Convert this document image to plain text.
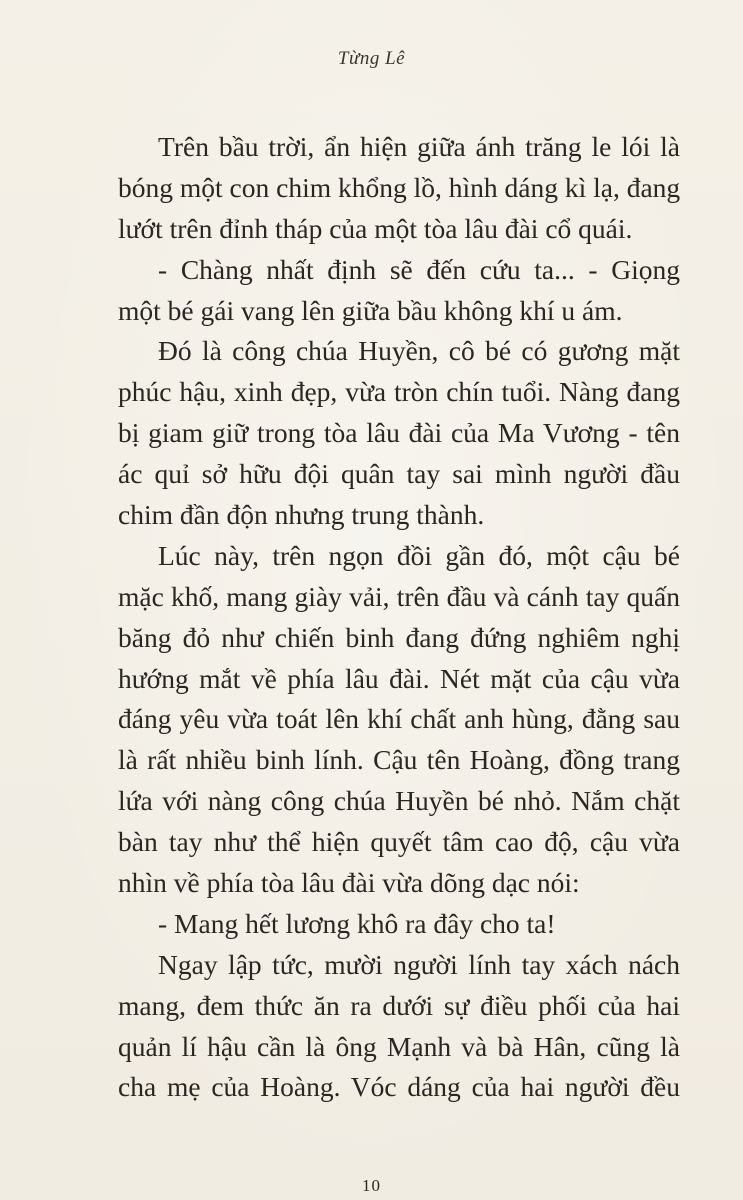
Từng Lê
Trên bầu trời, ẩn hiện giữa ánh trăng le lói là
bóng một con chim khổng lồ, hình dáng kì lạ, đang
lướt trên đỉnh tháp của một tòa lâu đài cổ quái.
- Chàng nhất định sẽ đến cứu ta... - Giọng
một bé gái vang lên giữa bầu không khí u ám.
Đó là công chúa Huyền, cô bé có gương mặt
phúc hậu, xinh đẹp, vừa tròn chín tuổi. Nàng đang
bị giam giữ trong tòa lâu đài của Ma Vương - tên
ác quỉ sở hữu đội quân tay sai mình người đầu
chim đần độn nhưng trung thành.
Lúc này, trên ngọn đồi gần đó, một cậu bé
mặc khố, mang giày vải, trên đầu và cánh tay quấn
băng đỏ như chiến binh đang đứng nghiêm nghị
hướng mắt về phía lâu đài. Nét mặt của cậu vừa
đáng yêu vừa toát lên khí chất anh hùng, đằng sau
là rất nhiều binh lính. Cậu tên Hoàng, đồng trang
lứa với nàng công chúa Huyền bé nhỏ. Nắm chặt
bàn tay như thể hiện quyết tâm cao độ, cậu vừa
nhìn về phía tòa lâu đài vừa dõng dạc nói:
- Mang hết lương khô ra đây cho ta!
Ngay lập tức, mười người lính tay xách nách
mang, đem thức ăn ra dưới sự điều phối của hai
quản lí hậu cần là ông Mạnh và bà Hân, cũng là
cha mẹ của Hoàng. Vóc dáng của hai người đều
10
